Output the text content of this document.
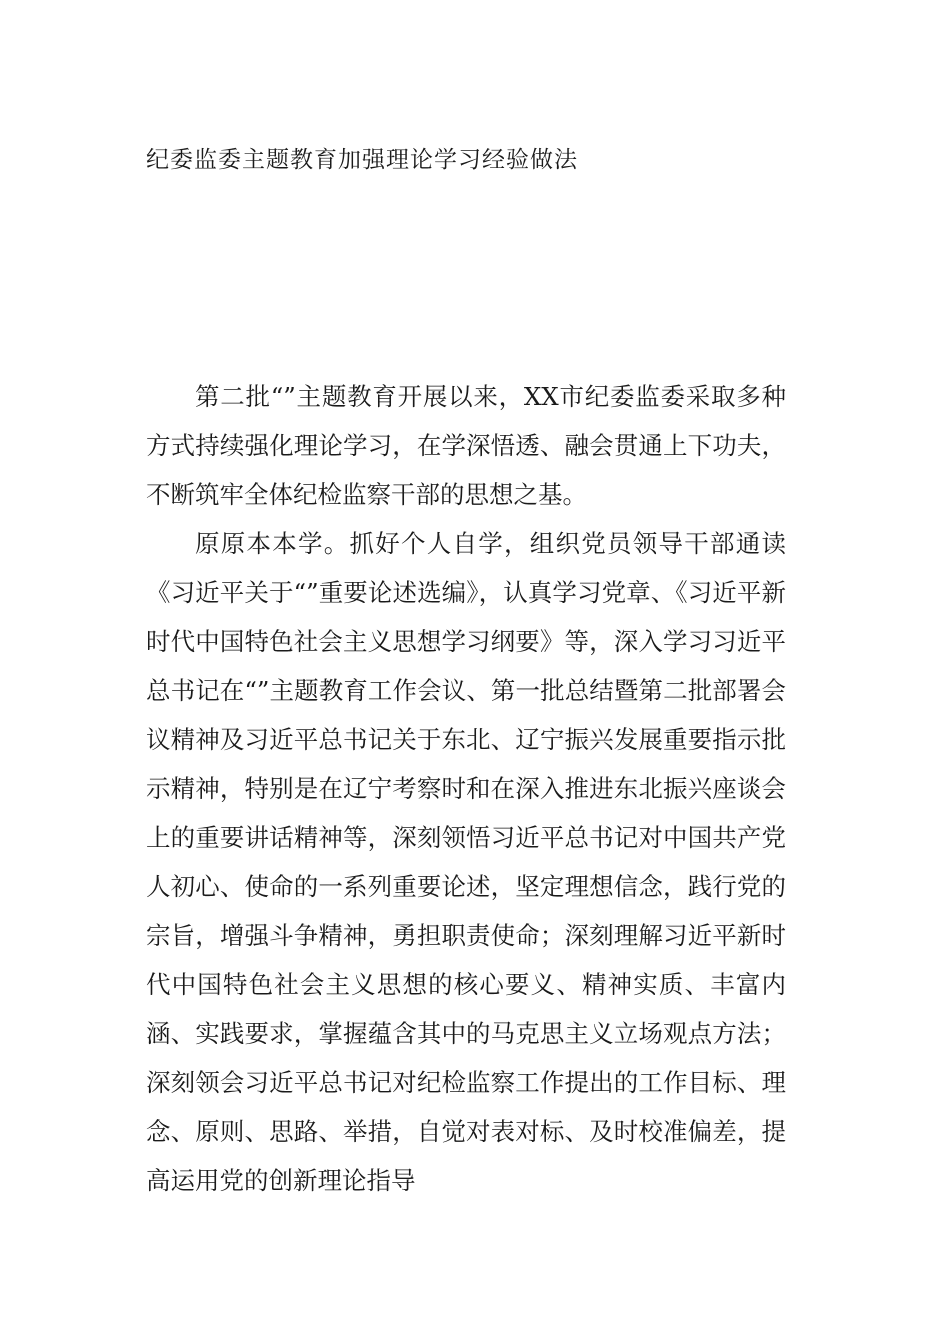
纪委监委主题教育加强理论学习经验做法

第二批“”主题教育开展以来，XX市纪委监委采取多种方式持续强化理论学习，在学深悟透、融会贯通上下功夫，不断筑牢全体纪检监察干部的思想之基。

原原本本学。抓好个人自学，组织党员领导干部通读《习近平关于“”重要论述选编》，认真学习党章、《习近平新时代中国特色社会主义思想学习纲要》等，深入学习习近平总书记在“”主题教育工作会议、第一批总结暨第二批部署会议精神及习近平总书记关于东北、辽宁振兴发展重要指示批示精神，特别是在辽宁考察时和在深入推进东北振兴座谈会上的重要讲话精神等，深刻领悟习近平总书记对中国共产党人初心、使命的一系列重要论述，坚定理想信念，践行党的宗旨，增强斗争精神，勇担职责使命；深刻理解习近平新时代中国特色社会主义思想的核心要义、精神实质、丰富内涵、实践要求，掌握蕴含其中的马克思主义立场观点方法；深刻领会习近平总书记对纪检监察工作提出的工作目标、理念、原则、思路、举措，自觉对表对标、及时校准偏差，提高运用党的创新理论指导
